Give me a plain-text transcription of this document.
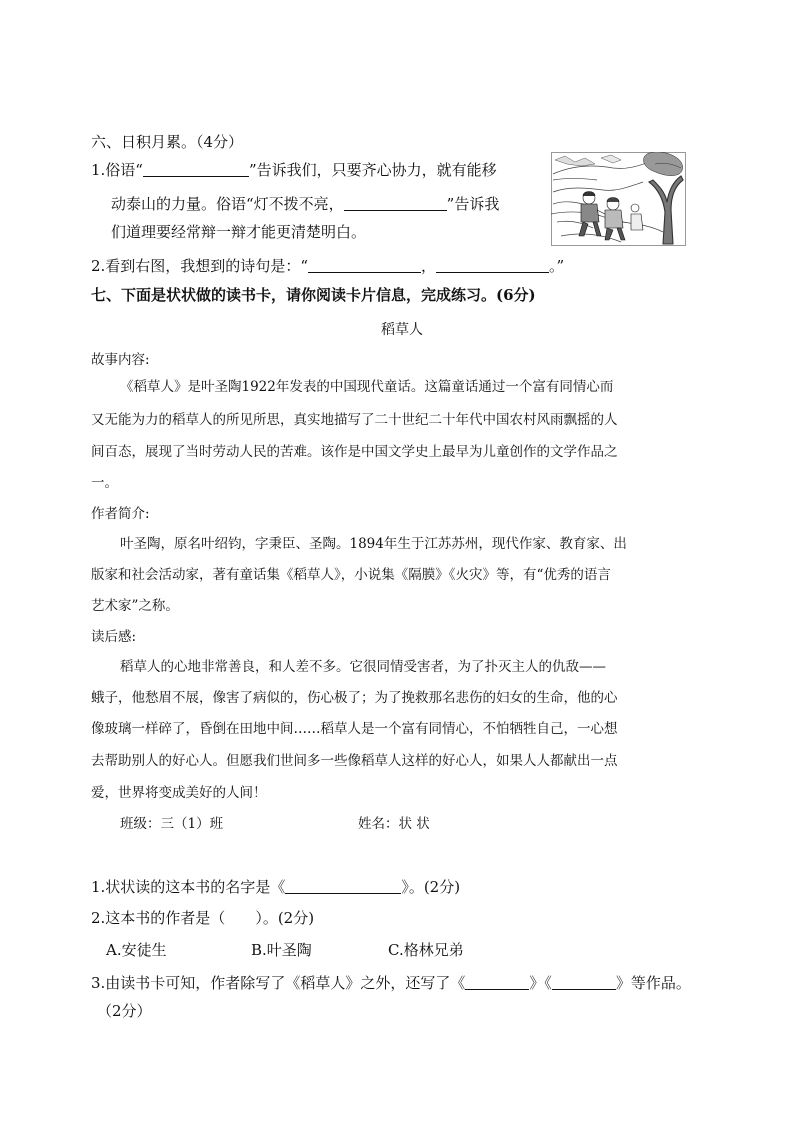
六、日积月累。（4分）
1.俗语“	”告诉我们，只要齐心协力，就有能移
动泰山的力量。俗语“灯不拨不亮，	”告诉我
们道理要经常辩一辩才能更清楚明白。
2.看到右图，我想到的诗句是：“	，	。”
七、下面是状状做的读书卡，请你阅读卡片信息，完成练习。(6分)
稻草人
故事内容:
《稻草人》是叶圣陶1922年发表的中国现代童话。这篇童话通过一个富有同情心而
又无能为力的稻草人的所见所思，真实地描写了二十世纪二十年代中国农村风雨飘摇的人
间百态，展现了当时劳动人民的苦难。该作是中国文学史上最早为儿童创作的文学作品之
一。
作者简介:
叶圣陶，原名叶绍钧，字秉臣、圣陶。1894年生于江苏苏州，现代作家、教育家、出
版家和社会活动家，著有童话集《稻草人》，小说集《隔膜》《火灾》等，有“优秀的语言
艺术家”之称。
读后感:
稻草人的心地非常善良，和人差不多。它很同情受害者，为了扑灭主人的仇敌——
蛾子，他愁眉不展，像害了病似的，伤心极了；为了挽救那名悲伤的妇女的生命，他的心
像玻璃一样碎了，昏倒在田地中间……稻草人是一个富有同情心，不怕牺牲自己，一心想
去帮助别人的好心人。但愿我们世间多一些像稻草人这样的好心人，如果人人都献出一点
爱，世界将变成美好的人间！
班级：三（1）班	姓名：状 状
1.状状读的这本书的名字是《	》。(2分)
2.这本书的作者是（　　）。(2分)
A.安徒生	B.叶圣陶	C.格林兄弟
3.由读书卡可知，作者除写了《稻草人》之外，还写了《	》《	》等作品。
（2分）
